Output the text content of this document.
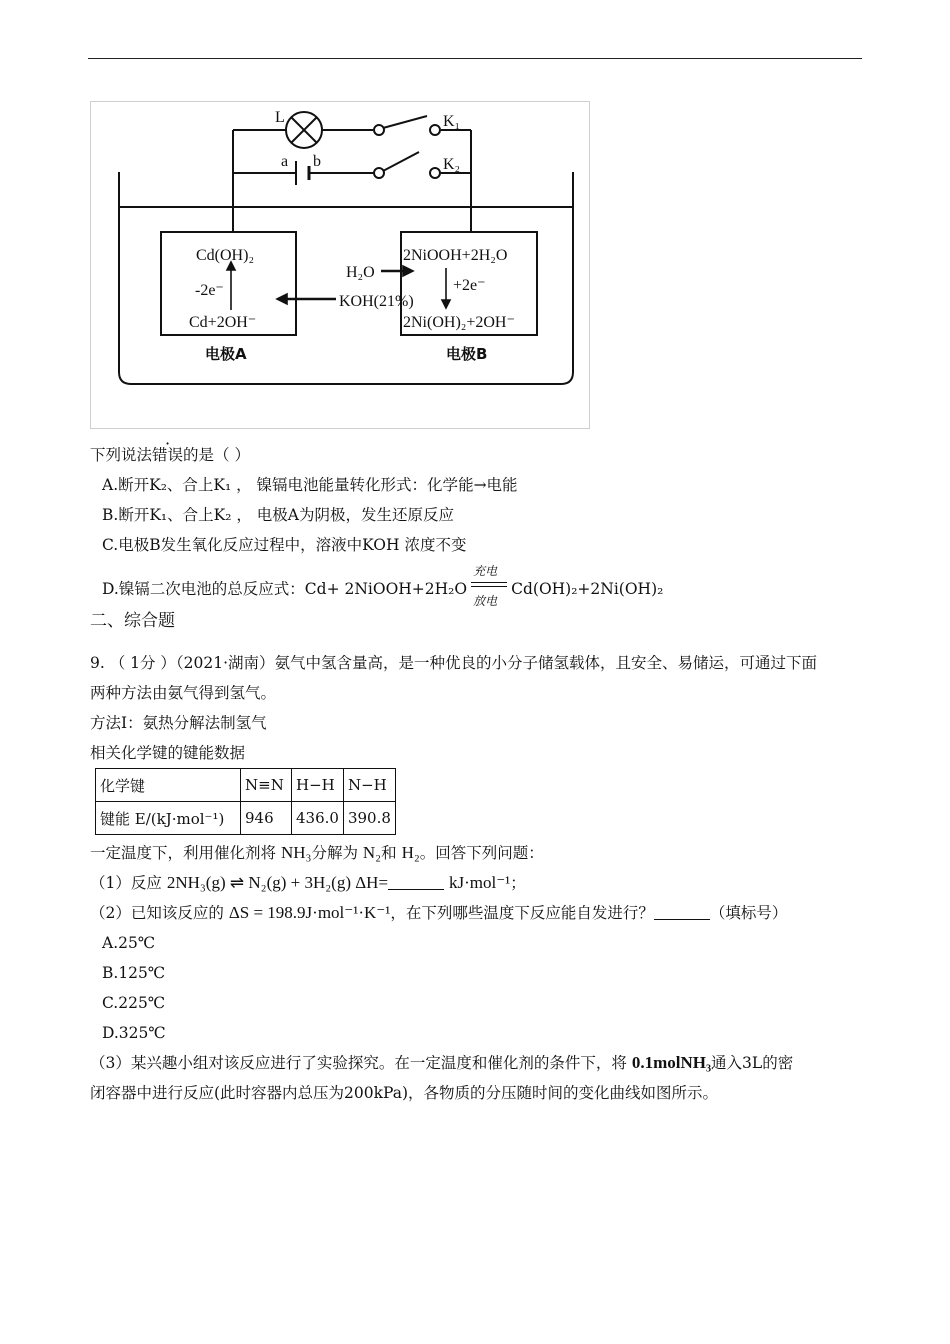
L	K₁
K₂
a b
Cd(OH)₂
-2e⁻
Cd+2OH⁻
H₂O
KOH(21%)
2NiOOH+2H₂O
+2e⁻
2Ni(OH)₂+2OH⁻
电极A	电极B
下列说法错误的是（ ）
A.断开K₂、合上K₁ ， 镍镉电池能量转化形式：化学能→电能
B.断开K₁、合上K₂ ， 电极A为阴极，发生还原反应
C.电极B发生氧化反应过程中，溶液中KOH 浓度不变
D.镍镉二次电池的总反应式：Cd+ 2NiOOH+2H₂O
充电
放电
Cd(OH)₂+2Ni(OH)₂
二、综合题
9. （ 1分 ）（2021·湖南）氨气中氢含量高，是一种优良的小分子储氢载体，且安全、易储运，可通过下面
两种方法由氨气得到氢气。
方法Ⅰ：氨热分解法制氢气
相关化学键的键能数据
化学键	N≡N	H−H	N−H
键能 E/(kJ·mol⁻¹)	946	436.0	390.8
一定温度下，利用催化剂将 NH₃分解为 N₂和 H₂。回答下列问题：
（1）反应 2NH₃(g) ⇌ N₂(g) + 3H₂(g) ΔH=	kJ·mol⁻¹；
（2）已知该反应的 ΔS = 198.9J·mol⁻¹·K⁻¹，在下列哪些温度下反应能自发进行？	（填标号）
A.25℃
B.125℃
C.225℃
D.325℃
（3）某兴趣小组对该反应进行了实验探究。在一定温度和催化剂的条件下，将 0.1molNH₃通入3L的密
闭容器中进行反应(此时容器内总压为200kPa)，各物质的分压随时间的变化曲线如图所示。
